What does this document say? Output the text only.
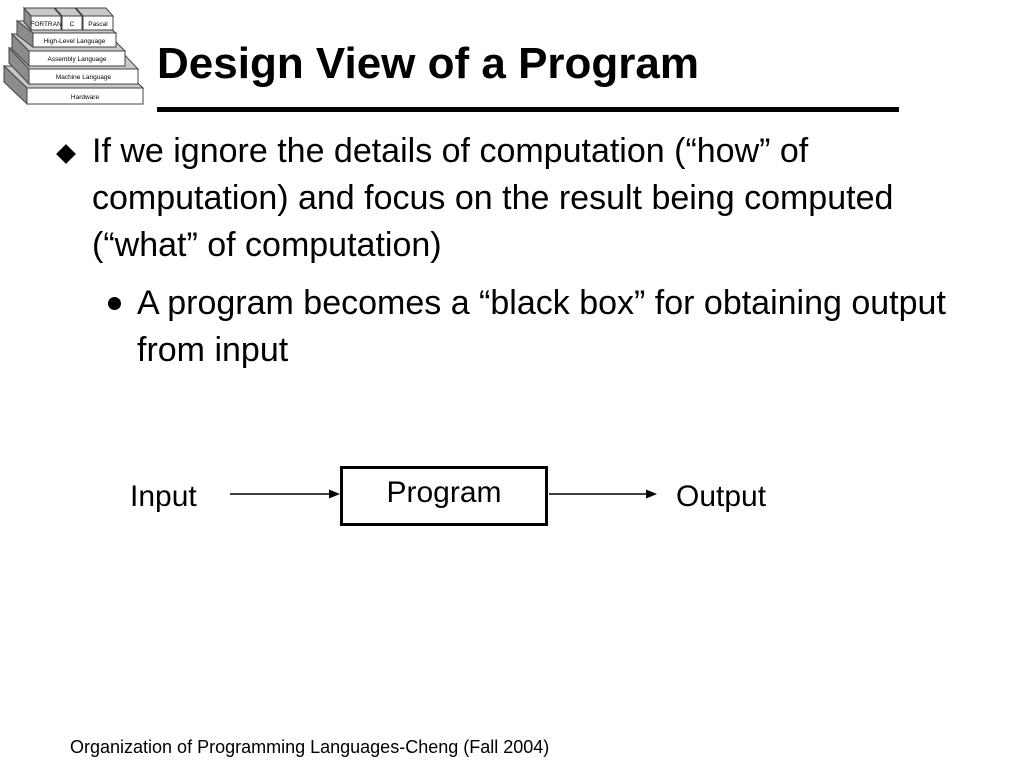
FORTRAN C Pascal
High-Level Language
Assembly Language
Machine Language
Hardware
Design View of a Program
If we ignore the details of computation (“how” of computation) and focus on the result being computed (“what” of computation)
A program becomes a “black box” for obtaining output from input
Input	Program	Output
Organization of Programming Languages-Cheng (Fall 2004)
